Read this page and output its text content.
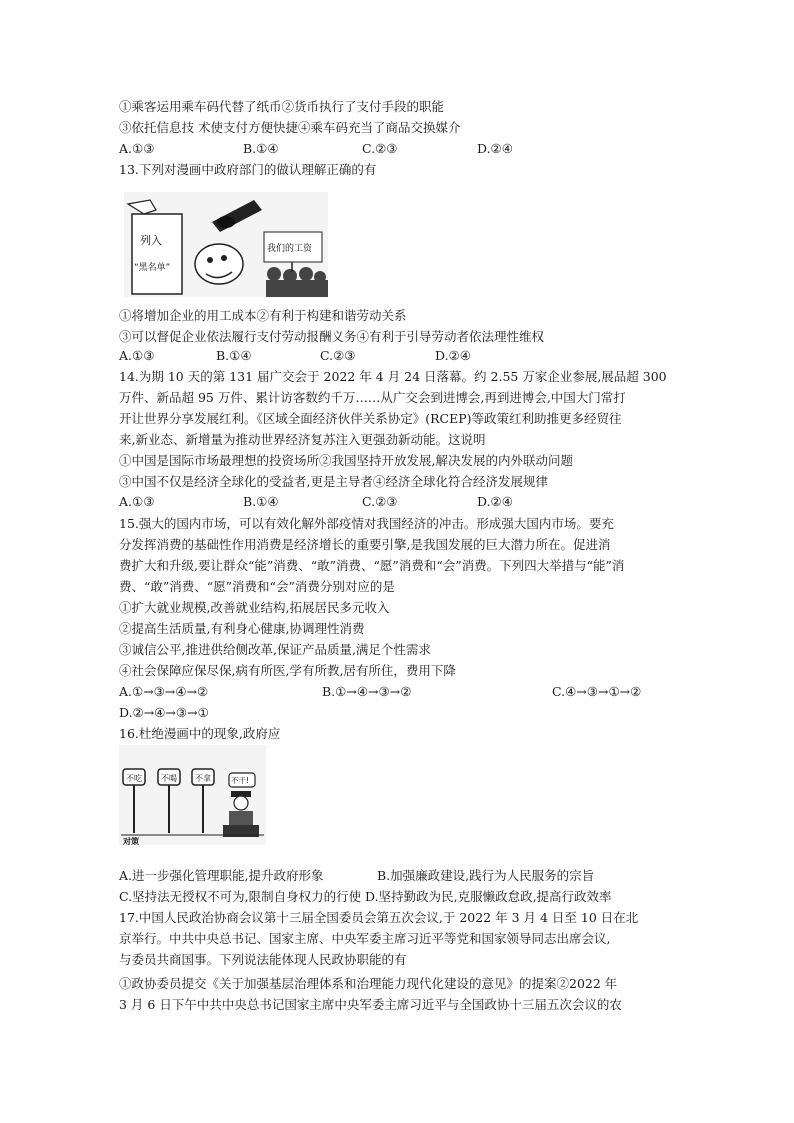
①乘客运用乘车码代替了纸币②货币执行了支付手段的职能
③依托信息技 术使支付方便快捷④乘车码充当了商品交换媒介
A.①③	B.①④	C.②③	D.②④
13.下列对漫画中政府部门的做认理解正确的有
列入
“黑名单”
我们的工资
①将增加企业的用工成本②有利于构建和谐劳动关系
③可以督促企业依法履行支付劳动报酬义务④有利于引导劳动者依法理性维权
A.①③	B.①④	C.②③	D.②④
14.为期 10 天的第 131 届广交会于 2022 年 4 月 24 日落幕。约 2.55 万家企业参展,展品超 300
万件、新品超 95 万件、累计访客数约千万……从广交会到进博会,再到进博会,中国大门常打
开让世界分享发展红利。《区域全面经济伙伴关系协定》(RCEP)等政策红利助推更多经贸往
来,新业态、新增量为推动世界经济复苏注入更强劲新动能。这说明
①中国是国际市场最理想的投资场所②我国坚持开放发展,解决发展的内外联动问题
③中国不仅是经济全球化的受益者,更是主导者④经济全球化符合经济发展规律
A.①③	B.①④	C.②③	D.②④
15.强大的国内市场，可以有效化解外部疫情对我国经济的冲击。形成强大国内市场。要充
分发挥消费的基础性作用消费是经济增长的重要引擎,是我国发展的巨大潜力所在。促进消
费扩大和升级,要让群众“能”消费、“敢”消费、“愿”消费和“会”消费。下列四大举措与“能”消
费、“敢”消费、“愿”消费和“会”消费分别对应的是
①扩大就业规模,改善就业结构,拓展居民多元收入
②提高生活质量,有利身心健康,协调理性消费
③诚信公平,推进供给侧改革,保证产品质量,满足个性需求
④社会保障应保尽保,病有所医,学有所教,居有所住，费用下降
A.①→③→④→②	B.①→④→③→②	C.④→③→①→②
D.②→④→③→①
16.杜绝漫画中的现象,政府应
不吃 不喝 不拿	不干!
对策
A.进一步强化管理职能,提升政府形象	B.加强廉政建设,践行为人民服务的宗旨
C.坚持法无授权不可为,限制自身权力的行使 D.坚持勤政为民,克服懒政怠政,提高行政效率
17.中国人民政治协商会议第十三届全国委员会第五次会议,于 2022 年 3 月 4 日至 10 日在北
京举行。中共中央总书记、国家主席、中央军委主席习近平等党和国家领导同志出席会议,
与委员共商国事。下列说法能体现人民政协职能的有
①政协委员提交《关于加强基层治理体系和治理能力现代化建设的意见》的提案②2022 年
3 月 6 日下午中共中央总书记国家主席中央军委主席习近平与全国政协十三届五次会议的农
